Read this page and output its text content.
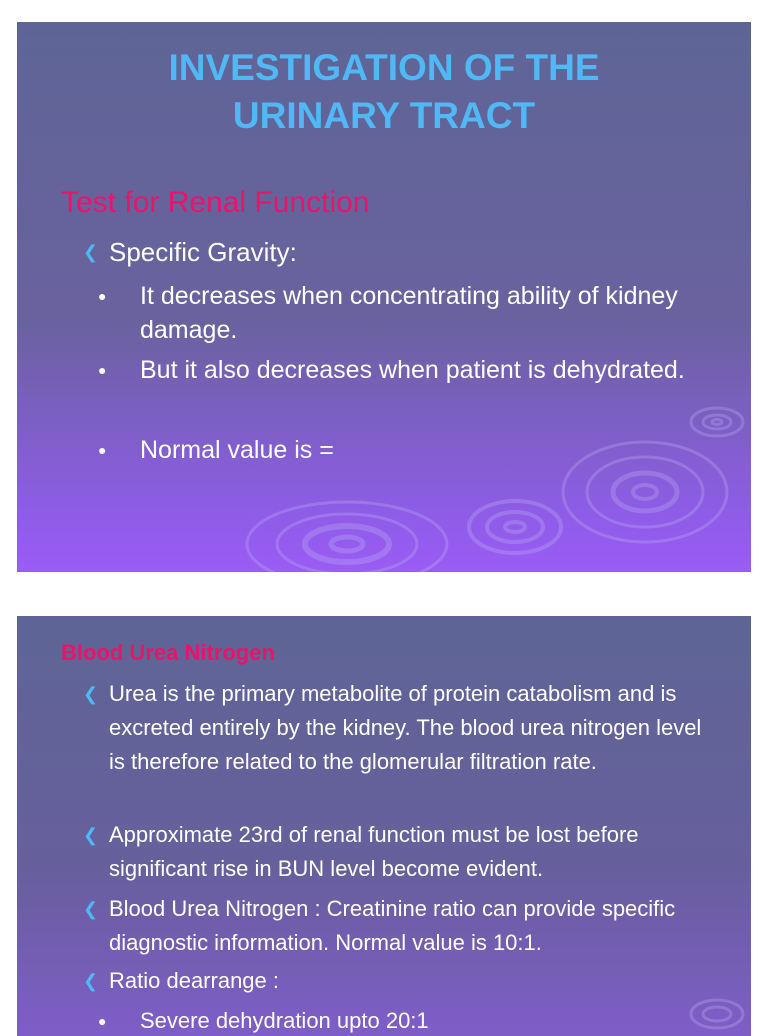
INVESTIGATION OF THE
URINARY TRACT
Test for Renal Function
❮ Specific Gravity:
● It decreases when concentrating ability of kidney damage.
● But it also decreases when patient is dehydrated.
● Normal value is =
Blood Urea Nitrogen
❮ Urea is the primary metabolite of protein catabolism and is excreted entirely by the kidney. The blood urea nitrogen level is therefore related to the glomerular filtration rate.
❮ Approximate 23rd of renal function must be lost before significant rise in BUN level become evident.
❮ Blood Urea Nitrogen : Creatinine ratio can provide specific diagnostic information. Normal value is 10:1.
❮ Ratio dearrange :
● Severe dehydration upto 20:1
